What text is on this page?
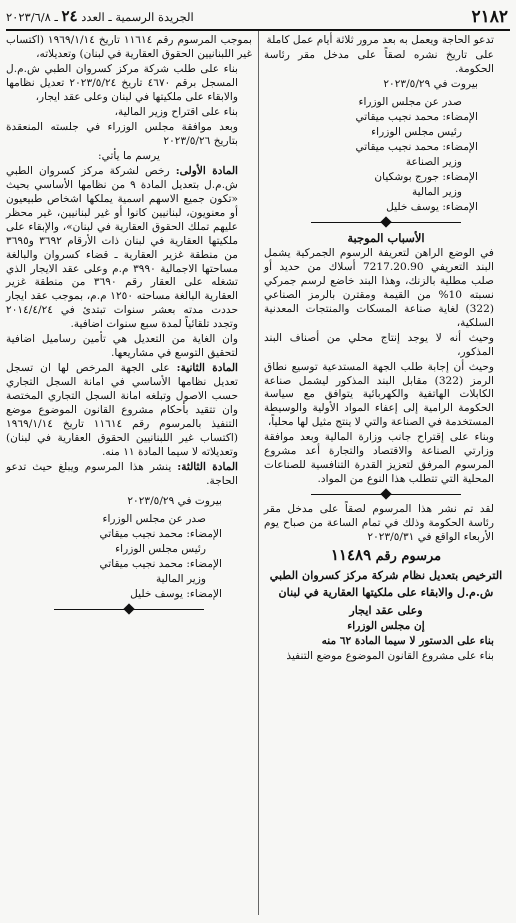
٢١٨٢
الجريدة الرسمية ـ العدد ٢٤ ـ ٢٠٢٣/٦/٨

تدعو الحاجة ويعمل به بعد مرور ثلاثة أيام عمل كاملة

على تاريخ نشره لصقاً على مدخل مقر رئاسة الحكومة.

بيروت في ٢٠٢٣/٥/٢٩

صدر عن مجلس الوزراء

الإمضاء: محمد نجيب ميقاتي

رئيس مجلس الوزراء

الإمضاء: محمد نجيب ميقاتي

وزير الصناعة

الإمضاء: جورج بوشكيان

وزير المالية

الإمضاء: يوسف خليل

الأسباب الموجبة

في الوضع الراهن لتعريفة الرسوم الجمركية يشمل البند التعريفي 7217.20.90 أسلاك من حديد أو صلب مطلية بالزنك، وهذا البند خاضع لرسم جمركي نسبته 10% من القيمة ومقترن بالرمز الصناعي (322) لغاية صناعة المسكات والمنتجات المعدنية السلكية،

وحيث أنه لا يوجد إنتاج محلي من أصناف البند المذكور،

وحيث أن إجابة طلب الجهة المستدعية توسيع نطاق الرمز (322) مقابل البند المذكور ليشمل صناعة الكابلات الهاتفية والكهربائية يتوافق مع سياسة الحكومة الرامية إلى إعفاء المواد الأولية والوسيطة المستخدمة في الصناعة والتي لا ينتج مثيل لها محلياً،

وبناء على إقتراح جانب وزارة المالية وبعد موافقة وزارتي الصناعة والاقتصاد والتجارة أعد مشروع المرسوم المرفق لتعزيز القدرة التنافسية للصناعات المحلية التي تتطلب هذا النوع من المواد.

لقد تم نشر هذا المرسوم لصقاً على مدخل مقر رئاسة الحكومة وذلك في تمام الساعة من صباح يوم الأربعاء الواقع في ٢٠٢٣/٥/٣١

مرسوم رقم ١١٤٨٩

الترخيص بتعديل نظام شركة مركز كسروان الطبي ش.م.ل والابقاء على ملكيتها العقارية في لبنان وعلى عقد ايجار

إن مجلس الوزراء

بناء على الدستور لا سيما المادة ٦٢ منه

بناء على مشروع القانون الموضوع موضع التنفيذ

بموجب المرسوم رقم ١١٦١٤ تاريخ ١٩٦٩/١/١٤ (اكتساب غير اللبنانيين الحقوق العقارية في لبنان) وتعديلاته،

بناء على طلب شركة مركز كسروان الطبي ش.م.ل المسجل برقم ٤٦٧٠ تاريخ ٢٠٢٣/٥/٢٤ تعديل نظامها والابقاء على ملكيتها في لبنان وعلى عقد ايجار،

بناء على اقتراح وزير المالية،

وبعد موافقة مجلس الوزراء في جلسته المنعقدة بتاريخ ٢٠٢٣/٥/٢٦

يرسم ما يأتي:

المادة الأولى: رخص لشركة مركز كسروان الطبي ش.م.ل بتعديل المادة ٩ من نظامها الأساسي بحيث «تكون جميع الاسهم اسمية يملكها اشخاص طبيعيون أو معنويون، لبنانيين كانوا أو غير لبنانيين، غير محظر عليهم تملك الحقوق العقارية في لبنان»، والإبقاء على ملكيتها العقارية في لبنان ذات الأرقام ٣٦٩٢ و٣٦٩٥ من منطقة غزير العقارية ـ قضاء كسروان والبالغة مساحتها الاجمالية ٣٩٩٠ م.م وعلى عقد الايجار الذي تشغله على العقار رقم ٣٦٩٠ من منطقة غزير العقارية البالغة مساحته ١٢٥٠ م.م، بموجب عقد ايجار حددت مدته بعشر سنوات تبتدئ في ٢٠١٤/٤/٢٤ وتجدد تلقائياً لمدة سبع سنوات اضافية.

وان الغاية من التعديل هي تأمين رساميل اضافية لتحقيق التوسع في مشاريعها.

المادة الثانية: على الجهة المرخص لها ان تسجل تعديل نظامها الأساسي في امانة السجل التجاري حسب الاصول وتبلغه امانة السجل التجاري المختصة وان تتقيد بأحكام مشروع القانون الموضوع موضع التنفيذ بالمرسوم رقم ١١٦١٤ تاريخ ١٩٦٩/١/١٤ (اكتساب غير اللبنانيين الحقوق العقارية في لبنان) وتعديلاته لا سيما المادة ١١ منه.

المادة الثالثة: ينشر هذا المرسوم ويبلغ حيث تدعو الحاجة.

بيروت في ٢٠٢٣/٥/٢٩

صدر عن مجلس الوزراء

الإمضاء: محمد نجيب ميقاتي

رئيس مجلس الوزراء

الإمضاء: محمد نجيب ميقاتي

وزير المالية

الإمضاء: يوسف خليل
